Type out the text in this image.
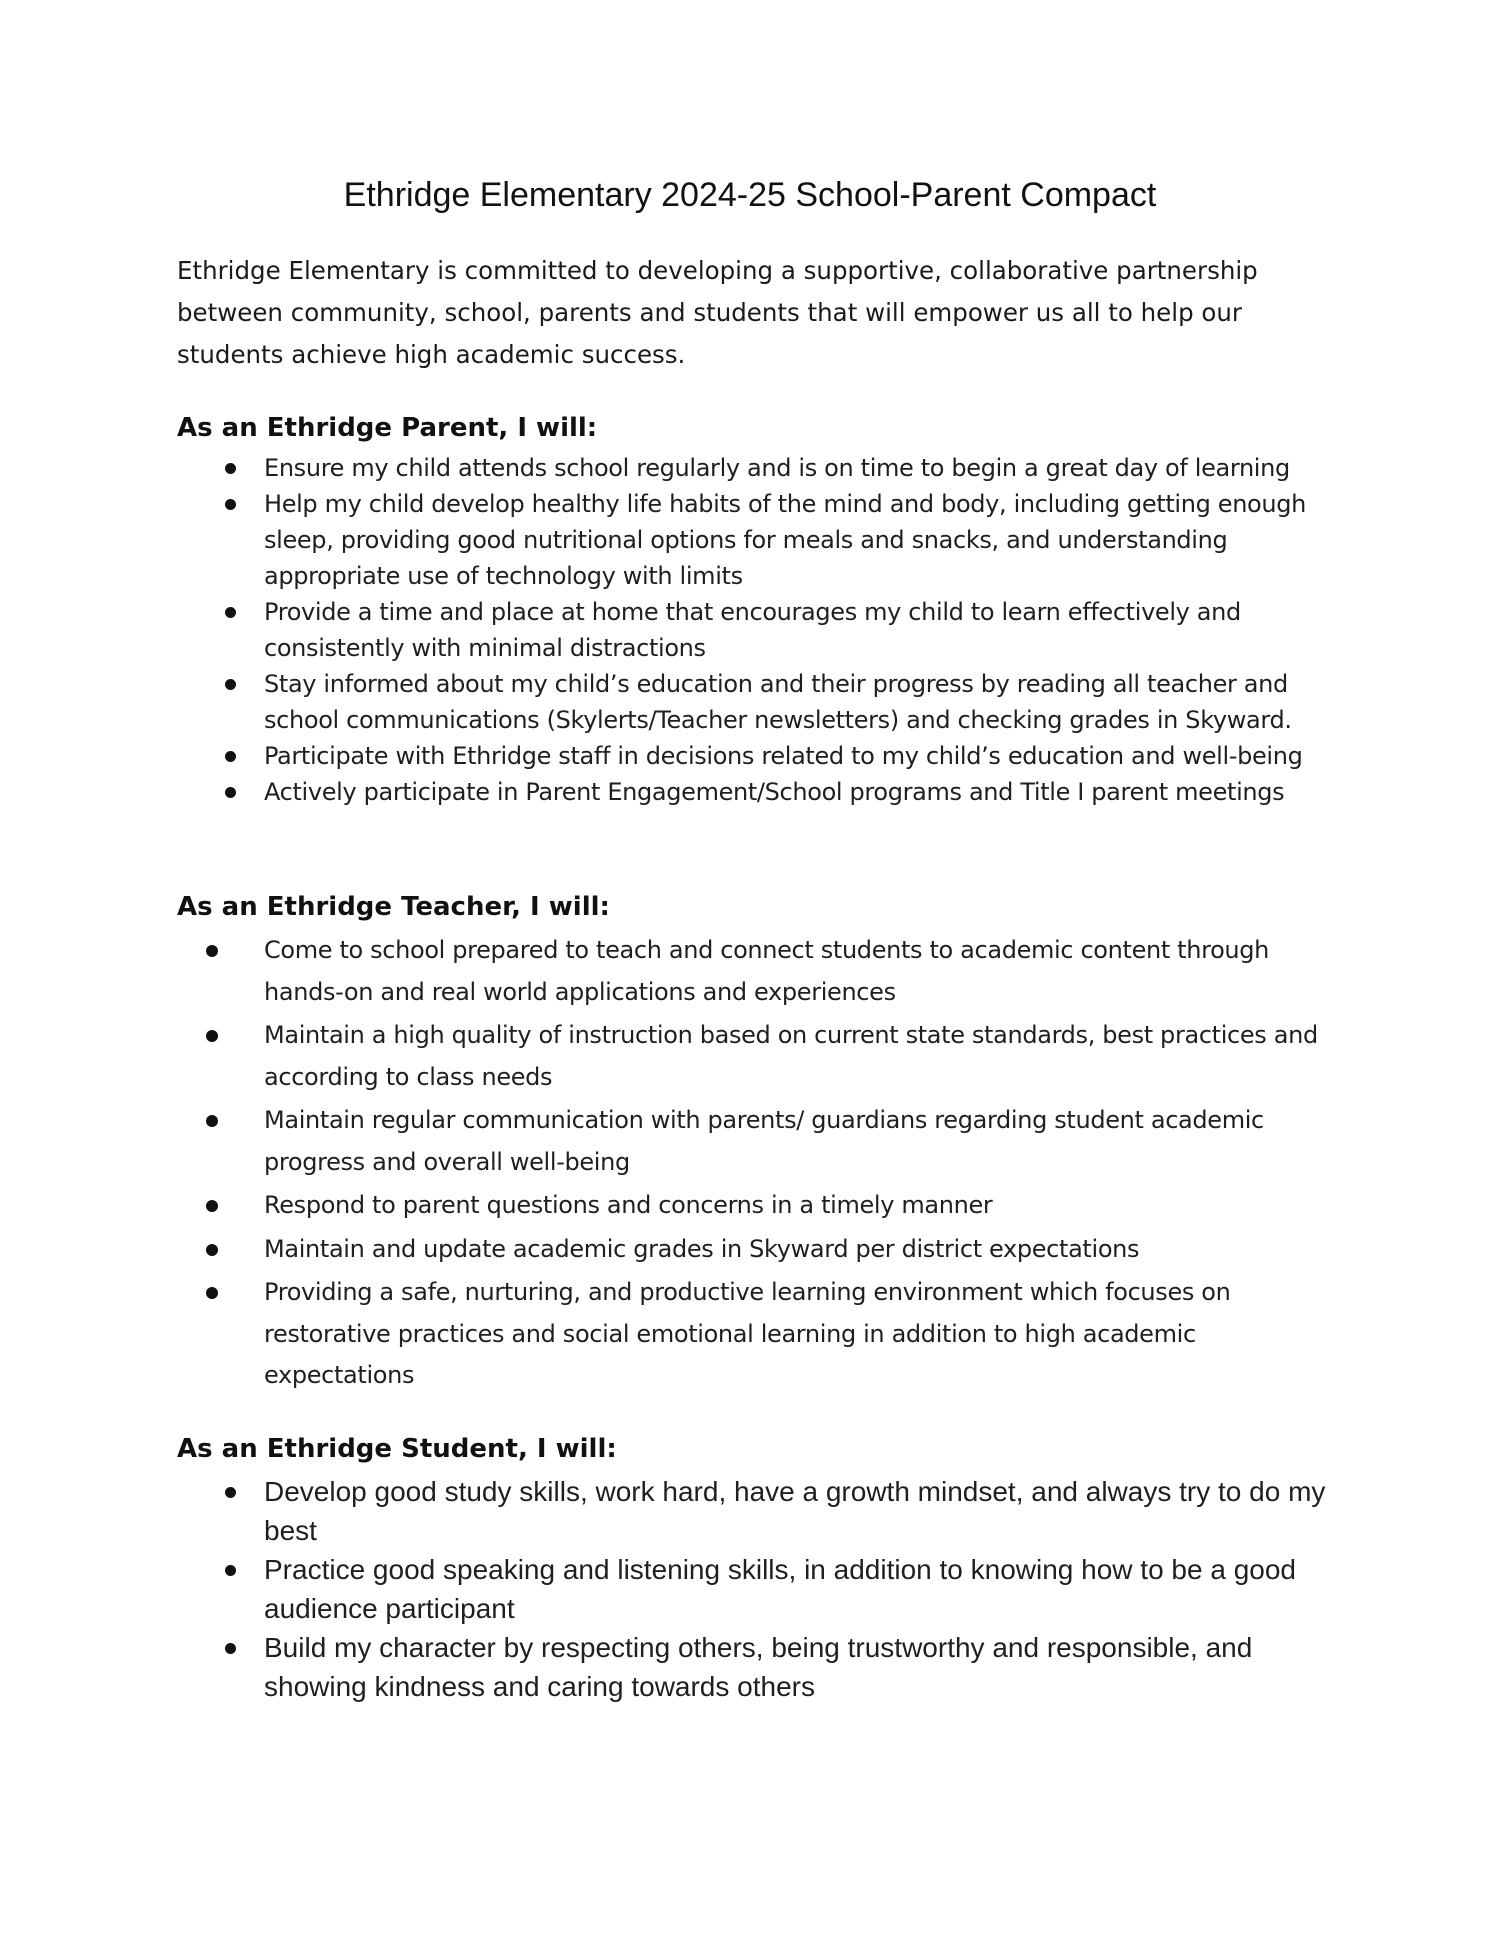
Ethridge Elementary 2024-25 School-Parent Compact

Ethridge Elementary is committed to developing a supportive, collaborative partnership between community, school, parents and students that will empower us all to help our students achieve high academic success.

As an Ethridge Parent, I will:
Ensure my child attends school regularly and is on time to begin a great day of learning
Help my child develop healthy life habits of the mind and body, including getting enough sleep, providing good nutritional options for meals and snacks, and understanding appropriate use of technology with limits
Provide a time and place at home that encourages my child to learn effectively and consistently with minimal distractions
Stay informed about my child’s education and their progress by reading all teacher and school communications (Skylerts/Teacher newsletters) and checking grades in Skyward.
Participate with Ethridge staff in decisions related to my child’s education and well-being
Actively participate in Parent Engagement/School programs and Title I parent meetings
As an Ethridge Teacher, I will:
Come to school prepared to teach and connect students to academic content through hands-on and real world applications and experiences
Maintain a high quality of instruction based on current state standards, best practices and according to class needs
Maintain regular communication with parents/ guardians regarding student academic progress and overall well-being
Respond to parent questions and concerns in a timely manner
Maintain and update academic grades in Skyward per district expectations
Providing a safe, nurturing, and productive learning environment which focuses on restorative practices and social emotional learning in addition to high academic expectations
As an Ethridge Student, I will:
Develop good study skills, work hard, have a growth mindset, and always try to do my best
Practice good speaking and listening skills, in addition to knowing how to be a good audience participant
Build my character by respecting others, being trustworthy and responsible, and showing kindness and caring towards others
